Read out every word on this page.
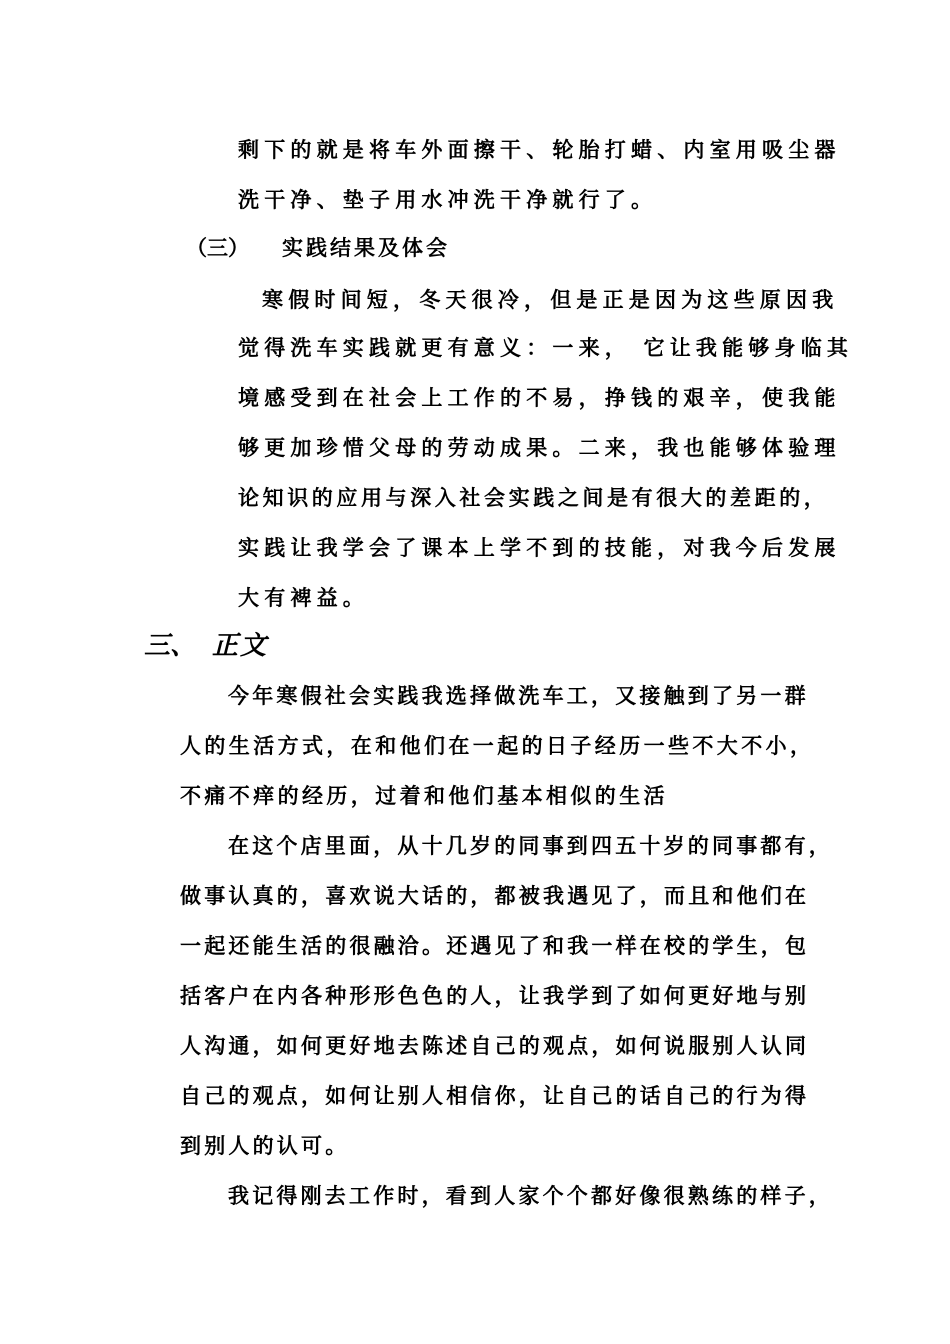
剩下的就是将车外面擦干、轮胎打蜡、内室用吸尘器
洗干净、垫子用水冲洗干净就行了。
（三） 实践结果及体会
寒假时间短，冬天很冷，但是正是因为这些原因我
觉得洗车实践就更有意义：一来， 它让我能够身临其
境感受到在社会上工作的不易，挣钱的艰辛，使我能
够更加珍惜父母的劳动成果。二来，我也能够体验理
论知识的应用与深入社会实践之间是有很大的差距的，
实践让我学会了课本上学不到的技能，对我今后发展
大有裨益。
三、 正文
今年寒假社会实践我选择做洗车工，又接触到了另一群
人的生活方式，在和他们在一起的日子经历一些不大不小，
不痛不痒的经历，过着和他们基本相似的生活
在这个店里面，从十几岁的同事到四五十岁的同事都有，
做事认真的，喜欢说大话的，都被我遇见了，而且和他们在
一起还能生活的很融洽。还遇见了和我一样在校的学生，包
括客户在内各种形形色色的人，让我学到了如何更好地与别
人沟通，如何更好地去陈述自己的观点，如何说服别人认同
自己的观点，如何让别人相信你，让自己的话自己的行为得
到别人的认可。
我记得刚去工作时，看到人家个个都好像很熟练的样子，
